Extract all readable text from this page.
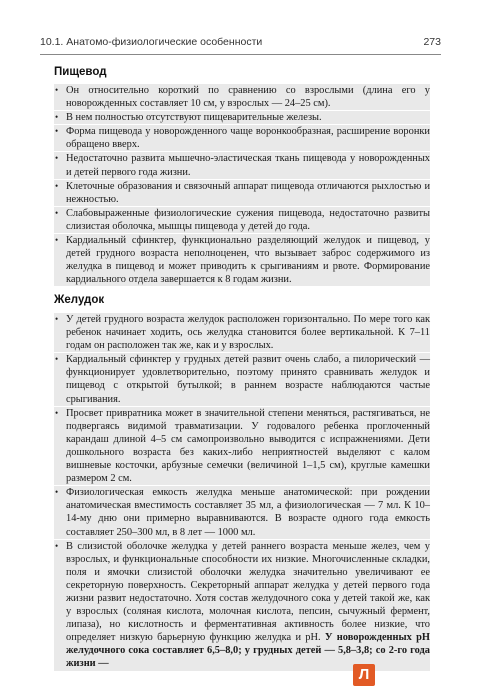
10.1. Анатомо-физиологические особенности	273
Пищевод
• Он относительно короткий по сравнению со взрослыми (длина его у новорожденных составляет 10 см, у взрослых — 24–25 см).
• В нем полностью отсутствуют пищеварительные железы.
• Форма пищевода у новорожденного чаще воронкообразная, расширение воронки обращено вверх.
• Недостаточно развита мышечно-эластическая ткань пищевода у новорожденных и детей первого года жизни.
• Клеточные образования и связочный аппарат пищевода отличаются рыхлостью и нежностью.
• Слабовыраженные физиологические сужения пищевода, недостаточно развиты слизистая оболочка, мышцы пищевода у детей до года.
• Кардиальный сфинктер, функционально разделяющий желудок и пищевод, у детей грудного возраста неполноценен, что вызывает заброс содержимого из желудка в пищевод и может приводить к срыгиваниям и рвоте. Формирование кардиального отдела завершается к 8 годам жизни.
Желудок
• У детей грудного возраста желудок расположен горизонтально. По мере того как ребенок начинает ходить, ось желудка становится более вертикальной. К 7–11 годам он расположен так же, как и у взрослых.
• Кардиальный сфинктер у грудных детей развит очень слабо, а пилорический — функционирует удовлетворительно, поэтому принято сравнивать желудок и пищевод с открытой бутылкой; в раннем возрасте наблюдаются частые срыгивания.
• Просвет привратника может в значительной степени меняться, растягиваться, не подвергаясь видимой травматизации. У годовалого ребенка проглоченный карандаш длиной 4–5 см самопроизвольно выводится с испражнениями. Дети дошкольного возраста без каких-либо неприятностей выделяют с калом вишневые косточки, арбузные семечки (величиной 1–1,5 см), круглые камешки размером 2 см.
• Физиологическая емкость желудка меньше анатомической: при рождении анатомическая вместимость составляет 35 мл, а физиологическая — 7 мл. К 10–14-му дню они примерно выравниваются. В возрасте одного года емкость составляет 250–300 мл, в 8 лет — 1000 мл.
• В слизистой оболочке желудка у детей раннего возраста меньше желез, чем у взрослых, и функциональные способности их низкие. Многочисленные складки, поля и ямочки слизистой оболочки желудка значительно увеличивают ее секреторную поверхность. Секреторный аппарат желудка у детей первого года жизни развит недостаточно. Хотя состав желудочного сока у детей такой же, как у взрослых (соляная кислота, молочная кислота, пепсин, сычужный фермент, липаза), но кислотность и ферментативная активность более низкие, что определяет низкую барьерную функцию желудка и рН. У новорожденных рН желудочного сока составляет 6,5–8,0; у грудных детей — 5,8–3,8; со 2-го года жизни —
Л
